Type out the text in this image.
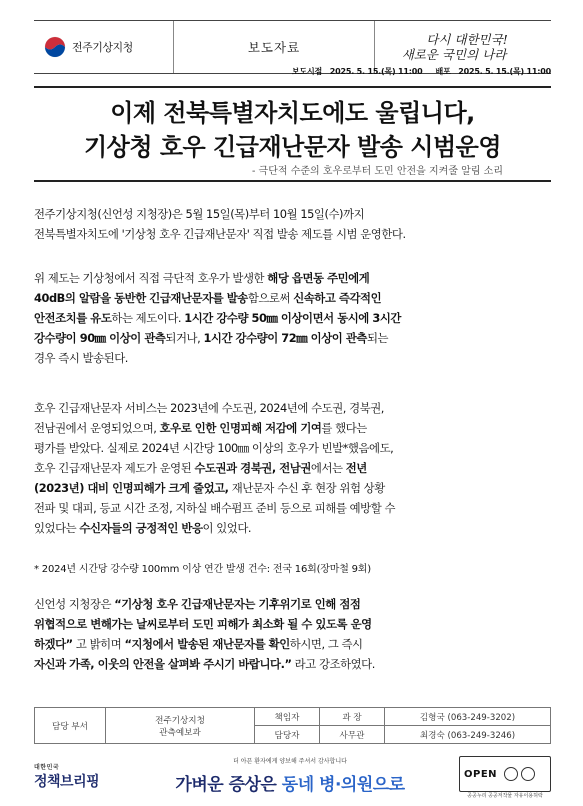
전주기상지청	보도자료
다시 대한민국!
새로운 국민의 나라
보도시점   2025. 5. 15.(목) 11:00     배포   2025. 5. 15.(목) 11:00
이제 전북특별자치도에도 울립니다,
기상청 호우 긴급재난문자 발송 시범운영
- 극단적 수준의 호우로부터 도민 안전을 지켜줄 알림 소리
전주기상지청(신언성 지청장)은 5월 15일(목)부터 10월 15일(수)까지
전북특별자치도에 '기상청 호우 긴급재난문자' 직접 발송 제도를 시범 운영한다.
위 제도는 기상청에서 직접 극단적 호우가 발생한 해당 읍면동 주민에게
40dB의 알람을 동반한 긴급재난문자를 발송함으로써 신속하고 즉각적인
안전조치를 유도하는 제도이다. 1시간 강수량 50㎜ 이상이면서 동시에 3시간
강수량이 90㎜ 이상이 관측되거나, 1시간 강수량이 72㎜ 이상이 관측되는
경우 즉시 발송된다.
호우 긴급재난문자 서비스는 2023년에 수도권, 2024년에 수도권, 경북권,
전남권에서 운영되었으며, 호우로 인한 인명피해 저감에 기여를 했다는
평가를 받았다. 실제로 2024년 시간당 100㎜ 이상의 호우가 빈발*했음에도,
호우 긴급재난문자 제도가 운영된 수도권과 경북권, 전남권에서는 전년
(2023년) 대비 인명피해가 크게 줄었고, 재난문자 수신 후 현장 위험 상황
전파 및 대피, 등교 시간 조정, 지하실 배수펌프 준비 등으로 피해를 예방할 수
있었다는 수신자들의 긍정적인 반응이 있었다.
* 2024년 시간당 강수량 100mm 이상 연간 발생 건수: 전국 16회(장마철 9회)
신언성 지청장은 “기상청 호우 긴급재난문자는 기후위기로 인해 점점
위협적으로 변해가는 날씨로부터 도민 피해가 최소화 될 수 있도록 운영
하겠다” 고 밝히며 “지청에서 발송된 재난문자를 확인하시면, 그 즉시
자신과 가족, 이웃의 안전을 살펴봐 주시기 바랍니다.” 라고 강조하였다.
담당 부서	전주기상지청
관측예보과	책임자	과 장	김형국 (063-249-3202)
		담당자	사무관	최경숙 (063-249-3246)
대한민국
정책브리핑
더 아픈 환자에게 양보해 주셔서 감사합니다
가벼운 증상은 동네 병·의원으로
OPEN
공공누리 공공저작물 자유이용허락
